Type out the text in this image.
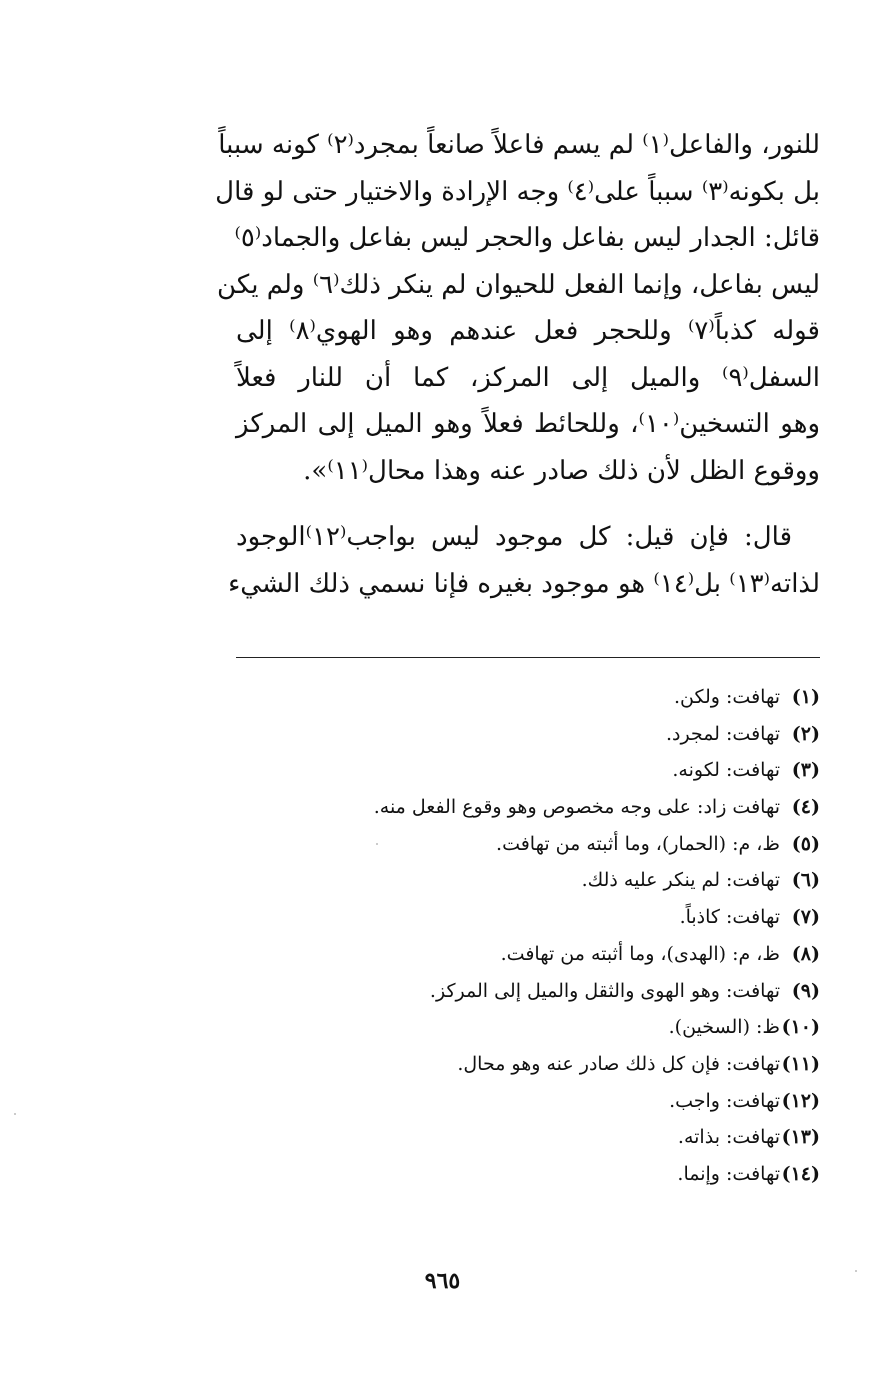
للنور، والفاعل⁽١⁾ لم يسم فاعلاً صانعاً بمجرد⁽٢⁾ كونه سبباً
بل بكونه⁽٣⁾ سبباً على⁽٤⁾ وجه الإرادة والاختيار حتى لو قال
قائل: الجدار ليس بفاعل والحجر ليس بفاعل والجماد⁽٥⁾
ليس بفاعل، وإنما الفعل للحيوان لم ينكر ذلك⁽٦⁾ ولم يكن
قوله كذباً⁽٧⁾ وللحجر فعل عندهم وهو الهوي⁽٨⁾ إلى
السفل⁽٩⁾ والميل إلى المركز، كما أن للنار فعلاً
وهو التسخين⁽١٠⁾، وللحائط فعلاً وهو الميل إلى المركز
ووقوع الظل لأن ذلك صادر عنه وهذا محال⁽١١⁾».
قال: فإن قيل: كل موجود ليس بواجب⁽١٢⁾الوجود
لذاته⁽١٣⁾ بل⁽١٤⁾ هو موجود بغيره فإنا نسمي ذلك الشيء
(١)تهافت: ولكن.
(٢)تهافت: لمجرد.
(٣)تهافت: لكونه.
(٤)تهافت زاد: على وجه مخصوص وهو وقوع الفعل منه.
(٥)ظ، م: (الحمار)، وما أثبته من تهافت.
(٦)تهافت: لم ينكر عليه ذلك.
(٧)تهافت: كاذباً.
(٨)ظ، م: (الهدى)، وما أثبته من تهافت.
(٩)تهافت: وهو الهوى والثقل والميل إلى المركز.
(١٠)ظ: (السخين).
(١١)تهافت: فإن كل ذلك صادر عنه وهو محال.
(١٢)تهافت: واجب.
(١٣)تهافت: بذاته.
(١٤)تهافت: وإنما.
٩٦٥
